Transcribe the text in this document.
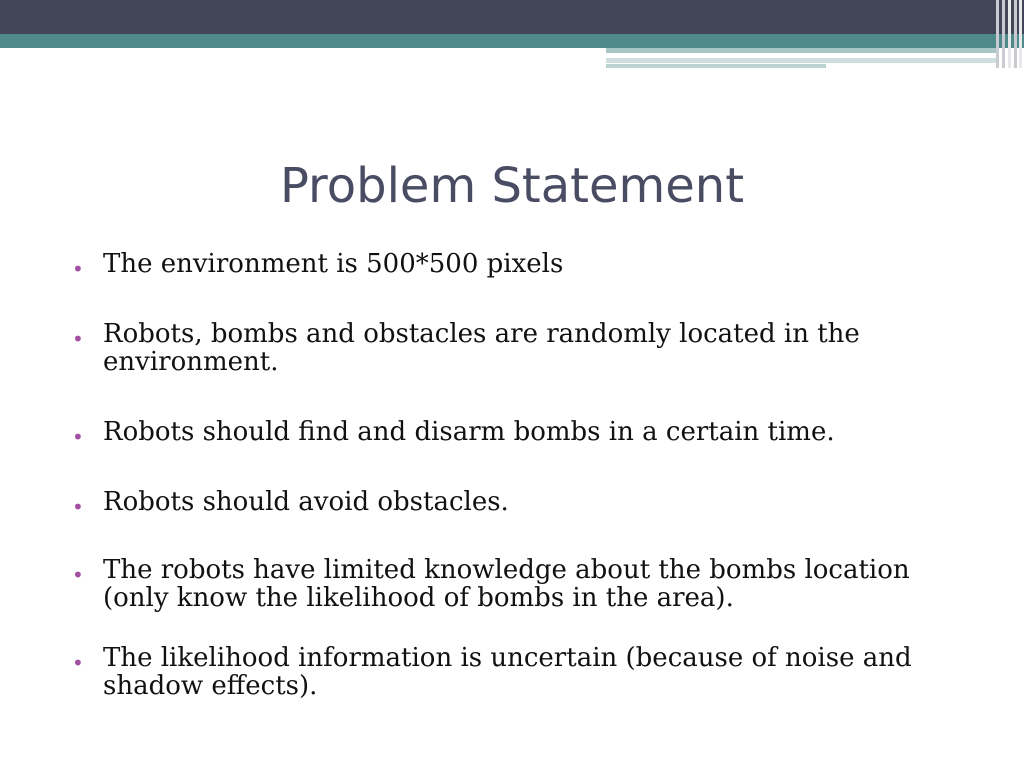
Problem Statement
• The environment is 500*500 pixels
• Robots, bombs and obstacles are randomly located in the environment.
• Robots should find and disarm bombs in a certain time.
• Robots should avoid obstacles.
• The robots have limited knowledge about the bombs location (only know the likelihood of bombs in the area).
• The likelihood information is uncertain (because of noise and shadow effects).
